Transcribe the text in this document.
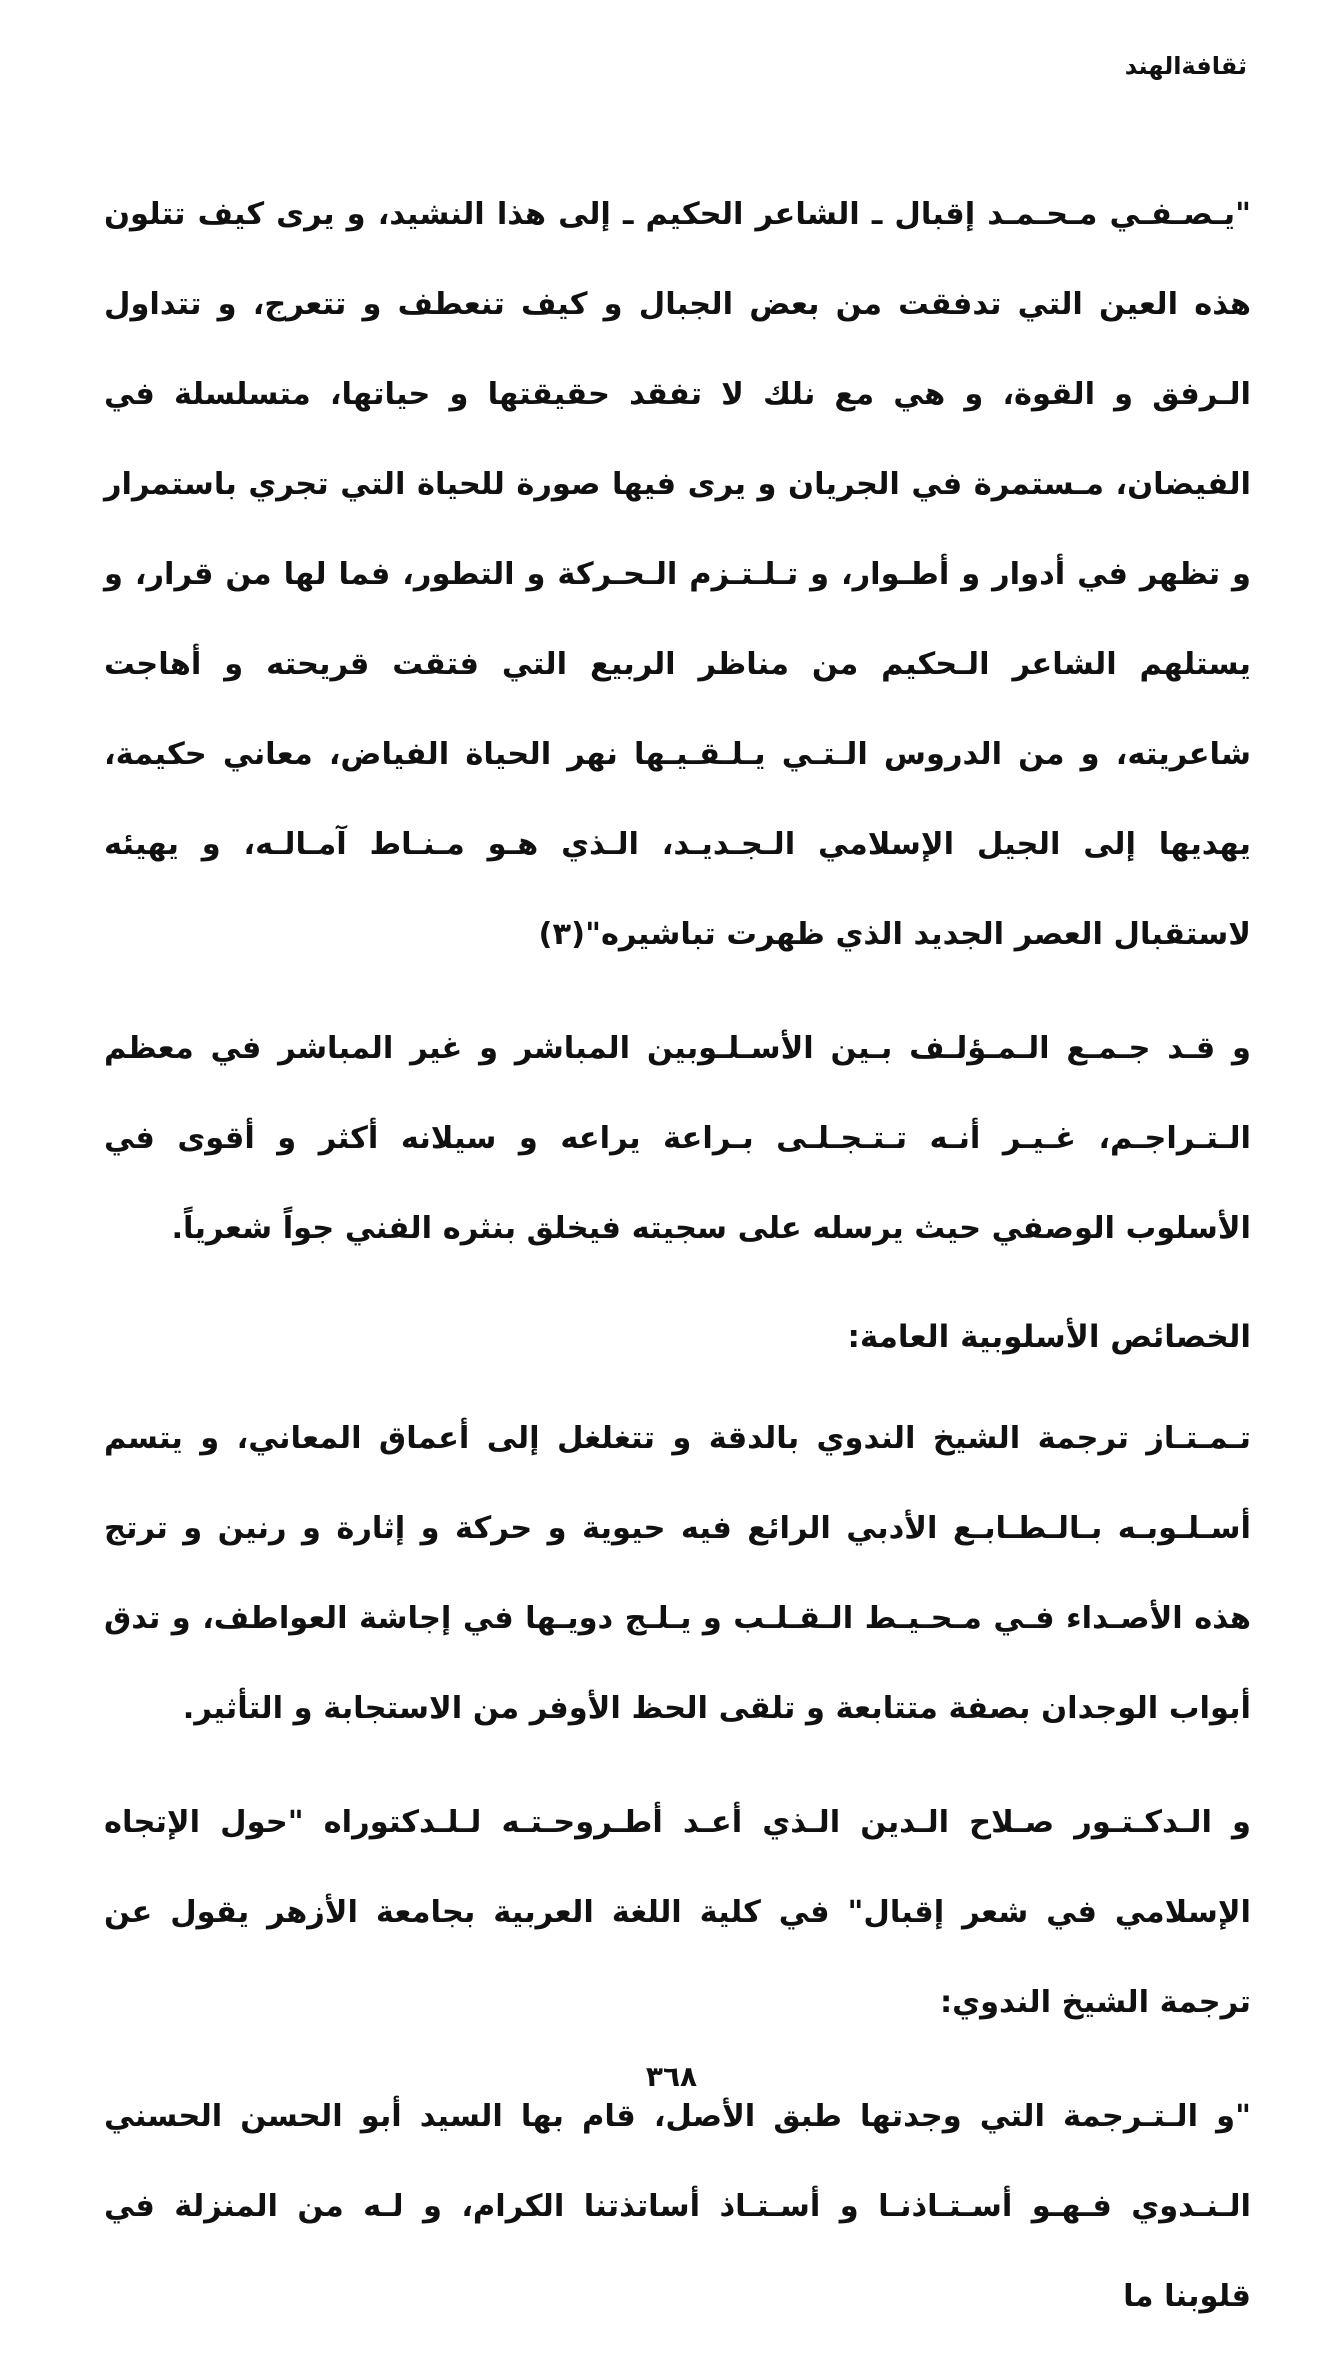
ثقافةالهند

"يـصـفـي مـحـمـد إقبال ـ الشاعر الحكيم ـ إلى هذا النشيد، و يرى كيف تتلون هذه العين التي تدفقت من بعض الجبال و كيف تنعطف و تتعرج، و تتداول الـرفق و القوة، و هي مع نلك لا تفقد حقيقتها و حياتها، متسلسلة في الفيضان، مـستمرة في الجريان و يرى فيها صورة للحياة التي تجري باستمرار و تظهر في أدوار و أطـوار، و تـلـتـزم الـحـركة و التطور، فما لها من قرار، و يستلهم الشاعر الـحكيم من مناظر الربيع التي فتقت قريحته و أهاجت شاعريته، و من الدروس الـتـي يـلـقـيـها نهر الحياة الفياض، معاني حكيمة، يهديها إلى الجيل الإسلامي الـجـديـد، الـذي هـو مـنـاط آمـالـه، و يهيئه لاستقبال العصر الجديد الذي ظهرت تباشيره"(٣)

و قـد جـمـع الـمـؤلـف بـين الأسـلـوبين المباشر و غير المباشر في معظم الـتـراجـم، غـيـر أنـه تـتـجـلـى بـراعة يراعه و سيلانه أكثر و أقوى في الأسلوب الوصفي حيث يرسله على سجيته فيخلق بنثره الفني جواً شعرياً.

الخصائص الأسلوبية العامة:

تـمـتـاز ترجمة الشيخ الندوي بالدقة و تتغلغل إلى أعماق المعاني، و يتسم أسـلـوبـه بـالـطـابـع الأدبي الرائع فيه حيوية و حركة و إثارة و رنين و ترتج هذه الأصـداء فـي مـحـيـط الـقـلـب و يـلـج دويـها في إجاشة العواطف، و تدق أبواب الوجدان بصفة متتابعة و تلقى الحظ الأوفر من الاستجابة و التأثير.

و الـدكـتـور صـلاح الـدين الـذي أعـد أطـروحـتـه لـلـدكتوراه "حول الإتجاه الإسلامي في شعر إقبال" في كلية اللغة العربية بجامعة الأزهر يقول عن ترجمة الشيخ الندوي:

"و الـتـرجمة التي وجدتها طبق الأصل، قام بها السيد أبو الحسن الحسني الـنـدوي فـهـو أسـتـاذنـا و أسـتـاذ أساتذتنا الكرام، و لـه من المنزلة في قلوبنا ما

٣٦٨
